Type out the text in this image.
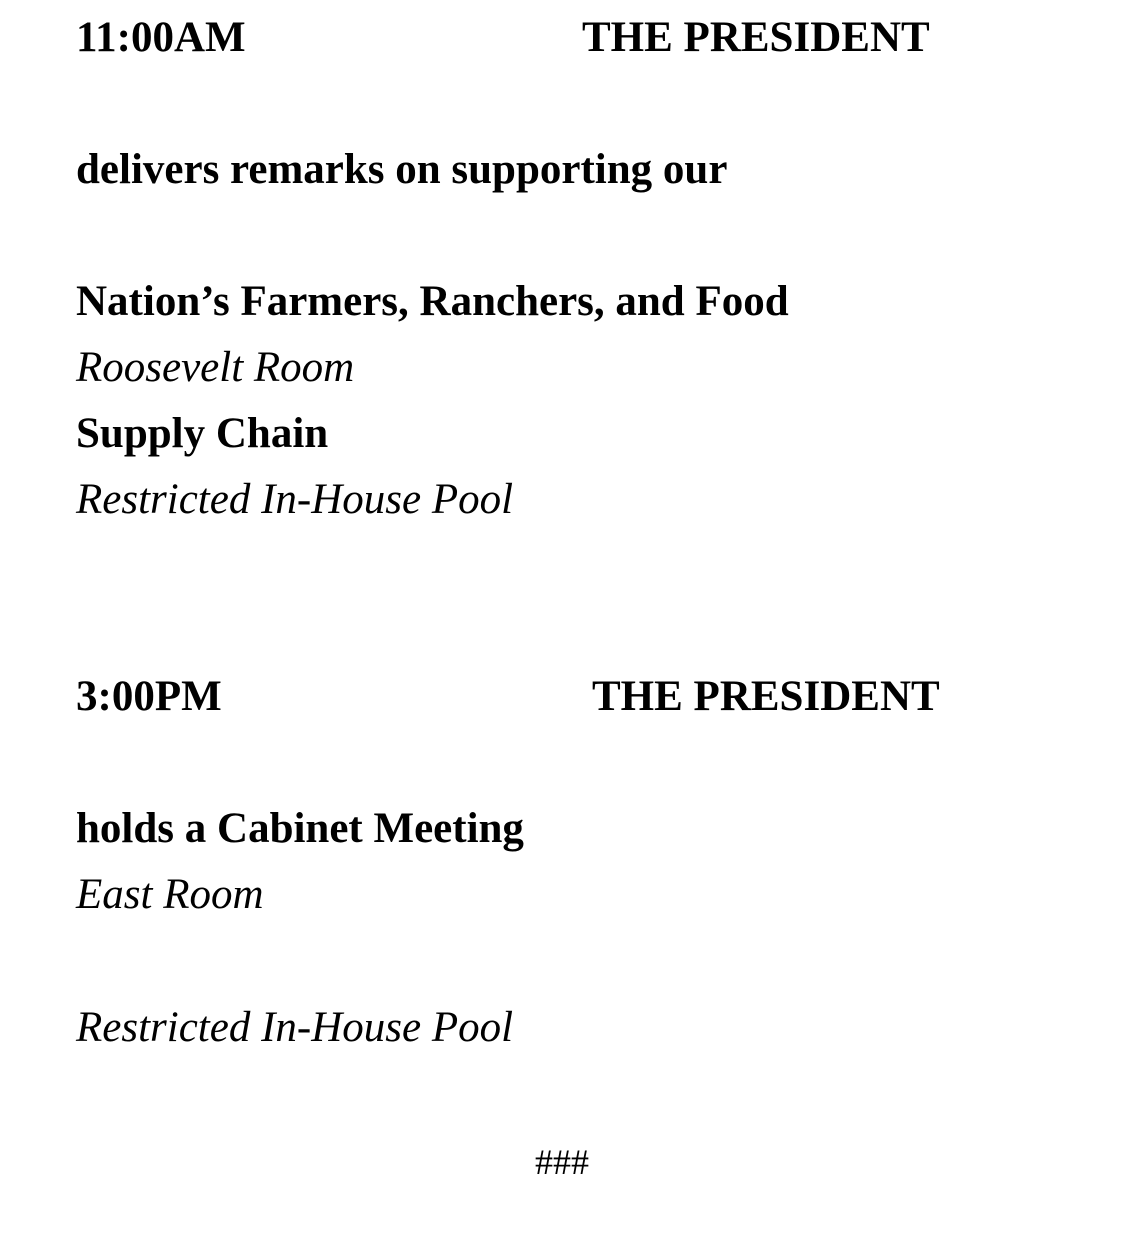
11:00AM	THE PRESIDENT

delivers remarks on supporting our

Nation’s Farmers, Ranchers, and Food

Supply Chain

Roosevelt Room

Restricted In-House Pool

3:00PM	THE PRESIDENT

holds a Cabinet Meeting

East Room

Restricted In-House Pool

###
